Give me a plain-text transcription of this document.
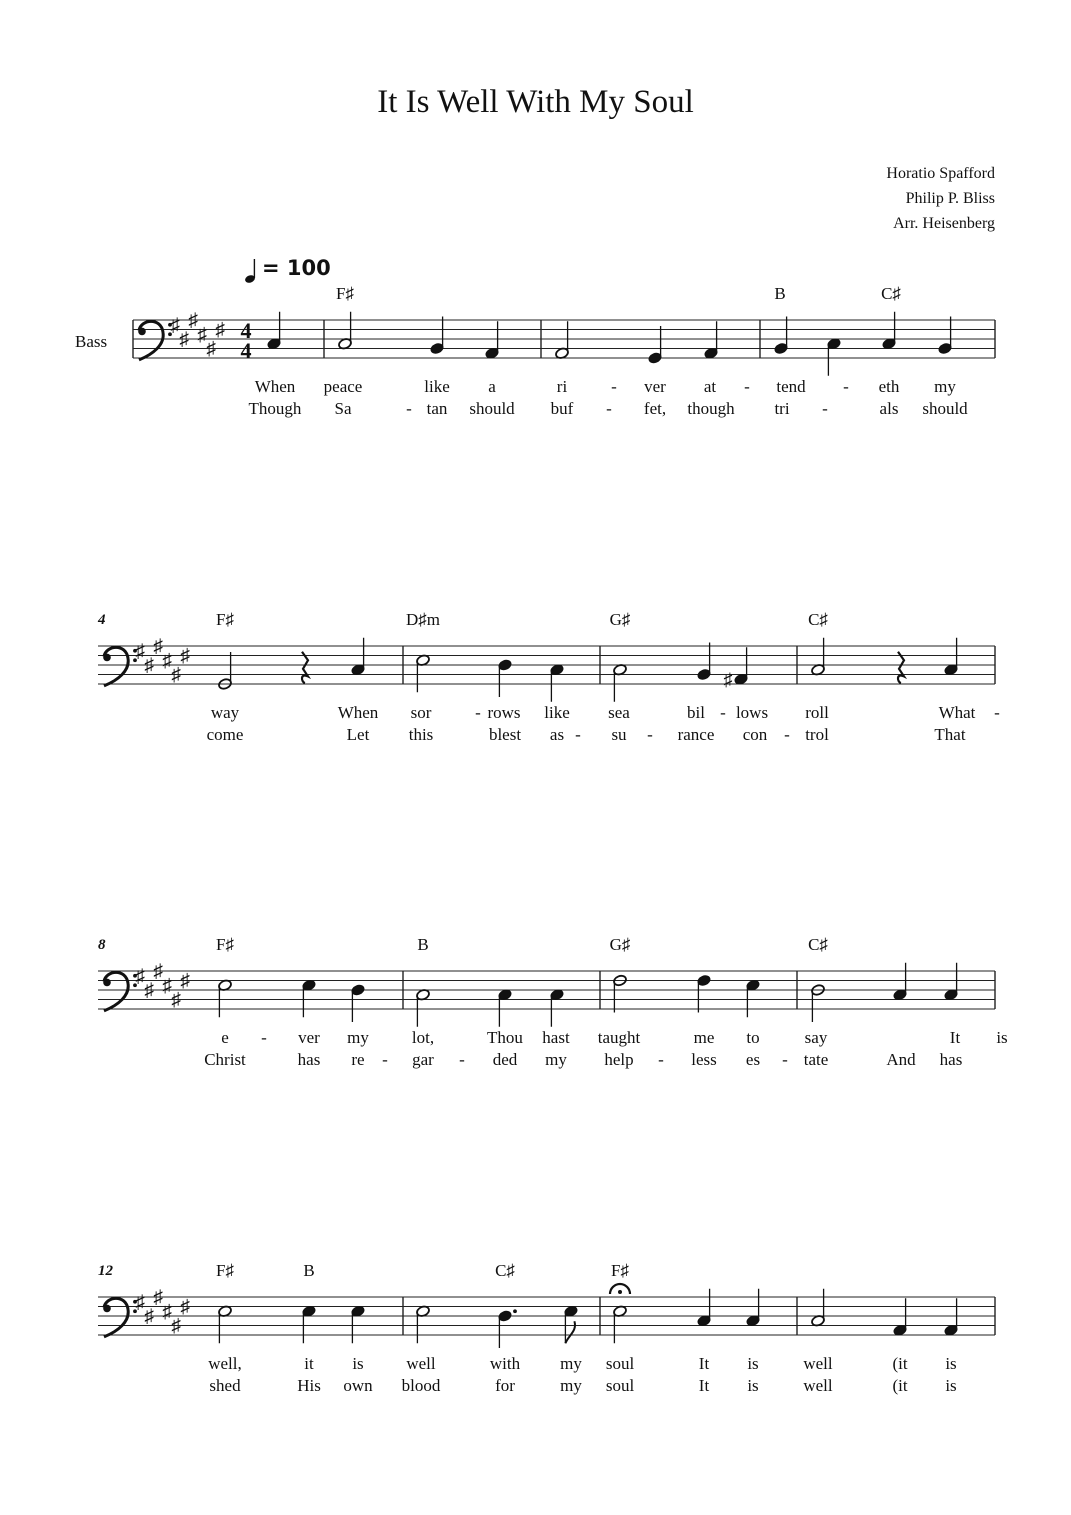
It Is Well With My Soul
Horatio Spafford
Philip P. Bliss
Arr. Heisenberg
= 100
Bass
♯
♯
♯
♯
♯
♯ 4
4
F♯	B	C♯
When peace	like a	ri	- ver at - tend - eth my
Though Sa	- tan should buf - fet, though tri -	als should
♯
♯
♯
♯
♯
♯
♯
4	F♯	D♯m	G♯	C♯
way	When sor	- rows like sea	bil - lows roll	What -
come	Let this	blest as - su - rance con - trol	That
♯
♯
♯
♯
♯
♯
8	F♯	B	G♯	C♯
e - ver my	lot,	Thou hast taught	me to	say	It is
Christ	has re - gar - ded my help - less es - tate	And has
♯
♯
♯
♯
♯
♯
12	F♯	B	C♯	F♯
well,	it is	well	with my soul	It is	well	(it is
shed	His own blood	for	my soul	It is	well	(it is
